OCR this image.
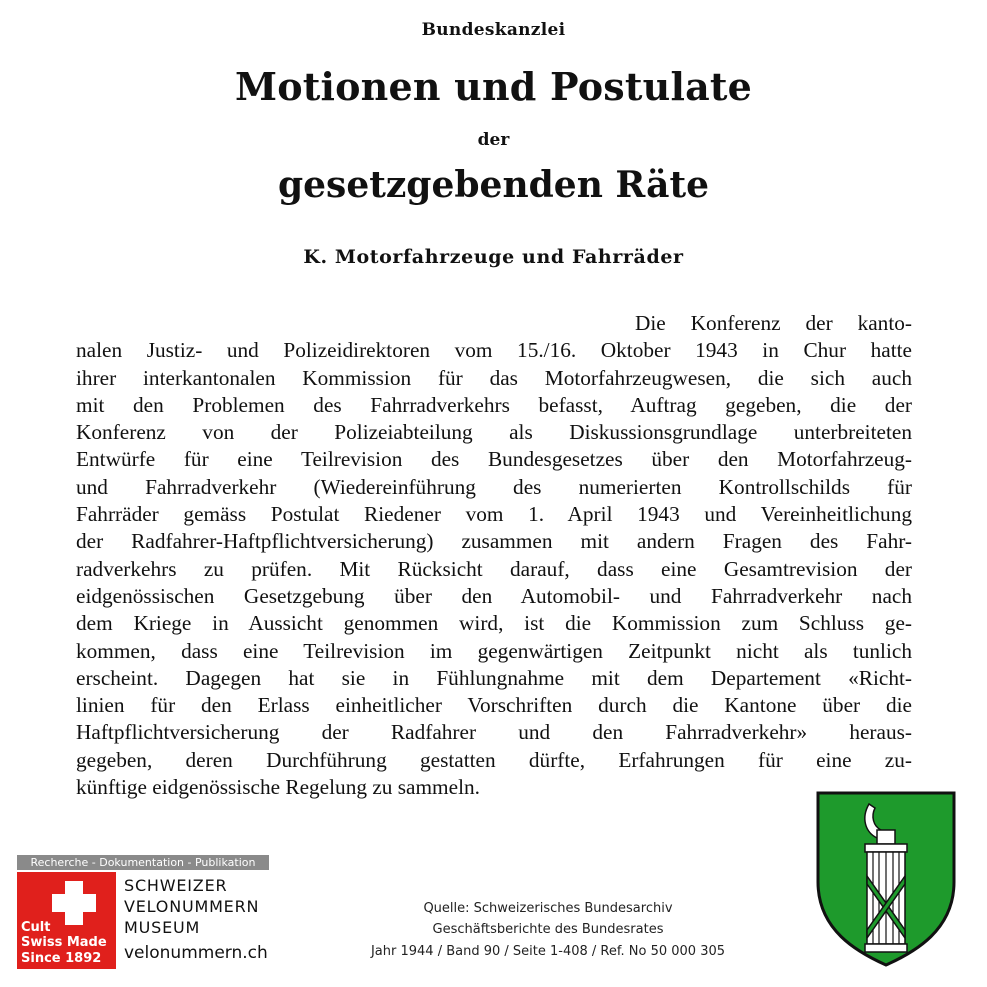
Bundeskanzlei
Motionen und Postulate
der
gesetzgebenden Räte
K. Motorfahrzeuge und Fahrräder
Die Konferenz der kanto-
nalen Justiz- und Polizeidirektoren vom 15./16. Oktober 1943 in Chur hatte
ihrer interkantonalen Kommission für das Motorfahrzeugwesen, die sich auch
mit den Problemen des Fahrradverkehrs befasst, Auftrag gegeben, die der
Konferenz von der Polizeiabteilung als Diskussionsgrundlage unterbreiteten
Entwürfe für eine Teilrevision des Bundesgesetzes über den Motorfahrzeug-
und Fahrradverkehr (Wiedereinführung des numerierten Kontrollschilds für
Fahrräder gemäss Postulat Riedener vom 1. April 1943 und Vereinheitlichung
der Radfahrer-Haftpflichtversicherung) zusammen mit andern Fragen des Fahr-
radverkehrs zu prüfen. Mit Rücksicht darauf, dass eine Gesamtrevision der
eidgenössischen Gesetzgebung über den Automobil- und Fahrradverkehr nach
dem Kriege in Aussicht genommen wird, ist die Kommission zum Schluss ge-
kommen, dass eine Teilrevision im gegenwärtigen Zeitpunkt nicht als tunlich
erscheint. Dagegen hat sie in Fühlungnahme mit dem Departement «Richt-
linien für den Erlass einheitlicher Vorschriften durch die Kantone über die
Haftpflichtversicherung der Radfahrer und den Fahrradverkehr» heraus-
gegeben, deren Durchführung gestatten dürfte, Erfahrungen für eine zu-
künftige eidgenössische Regelung zu sammeln.
Recherche - Dokumentation - Publikation
Cult
Swiss Made
Since 1892
SCHWEIZER
VELONUMMERN
MUSEUM
velonummern.ch
Quelle: Schweizerisches Bundesarchiv
Geschäftsberichte des Bundesrates
Jahr 1944 / Band 90 / Seite 1-408 / Ref. No 50 000 305
